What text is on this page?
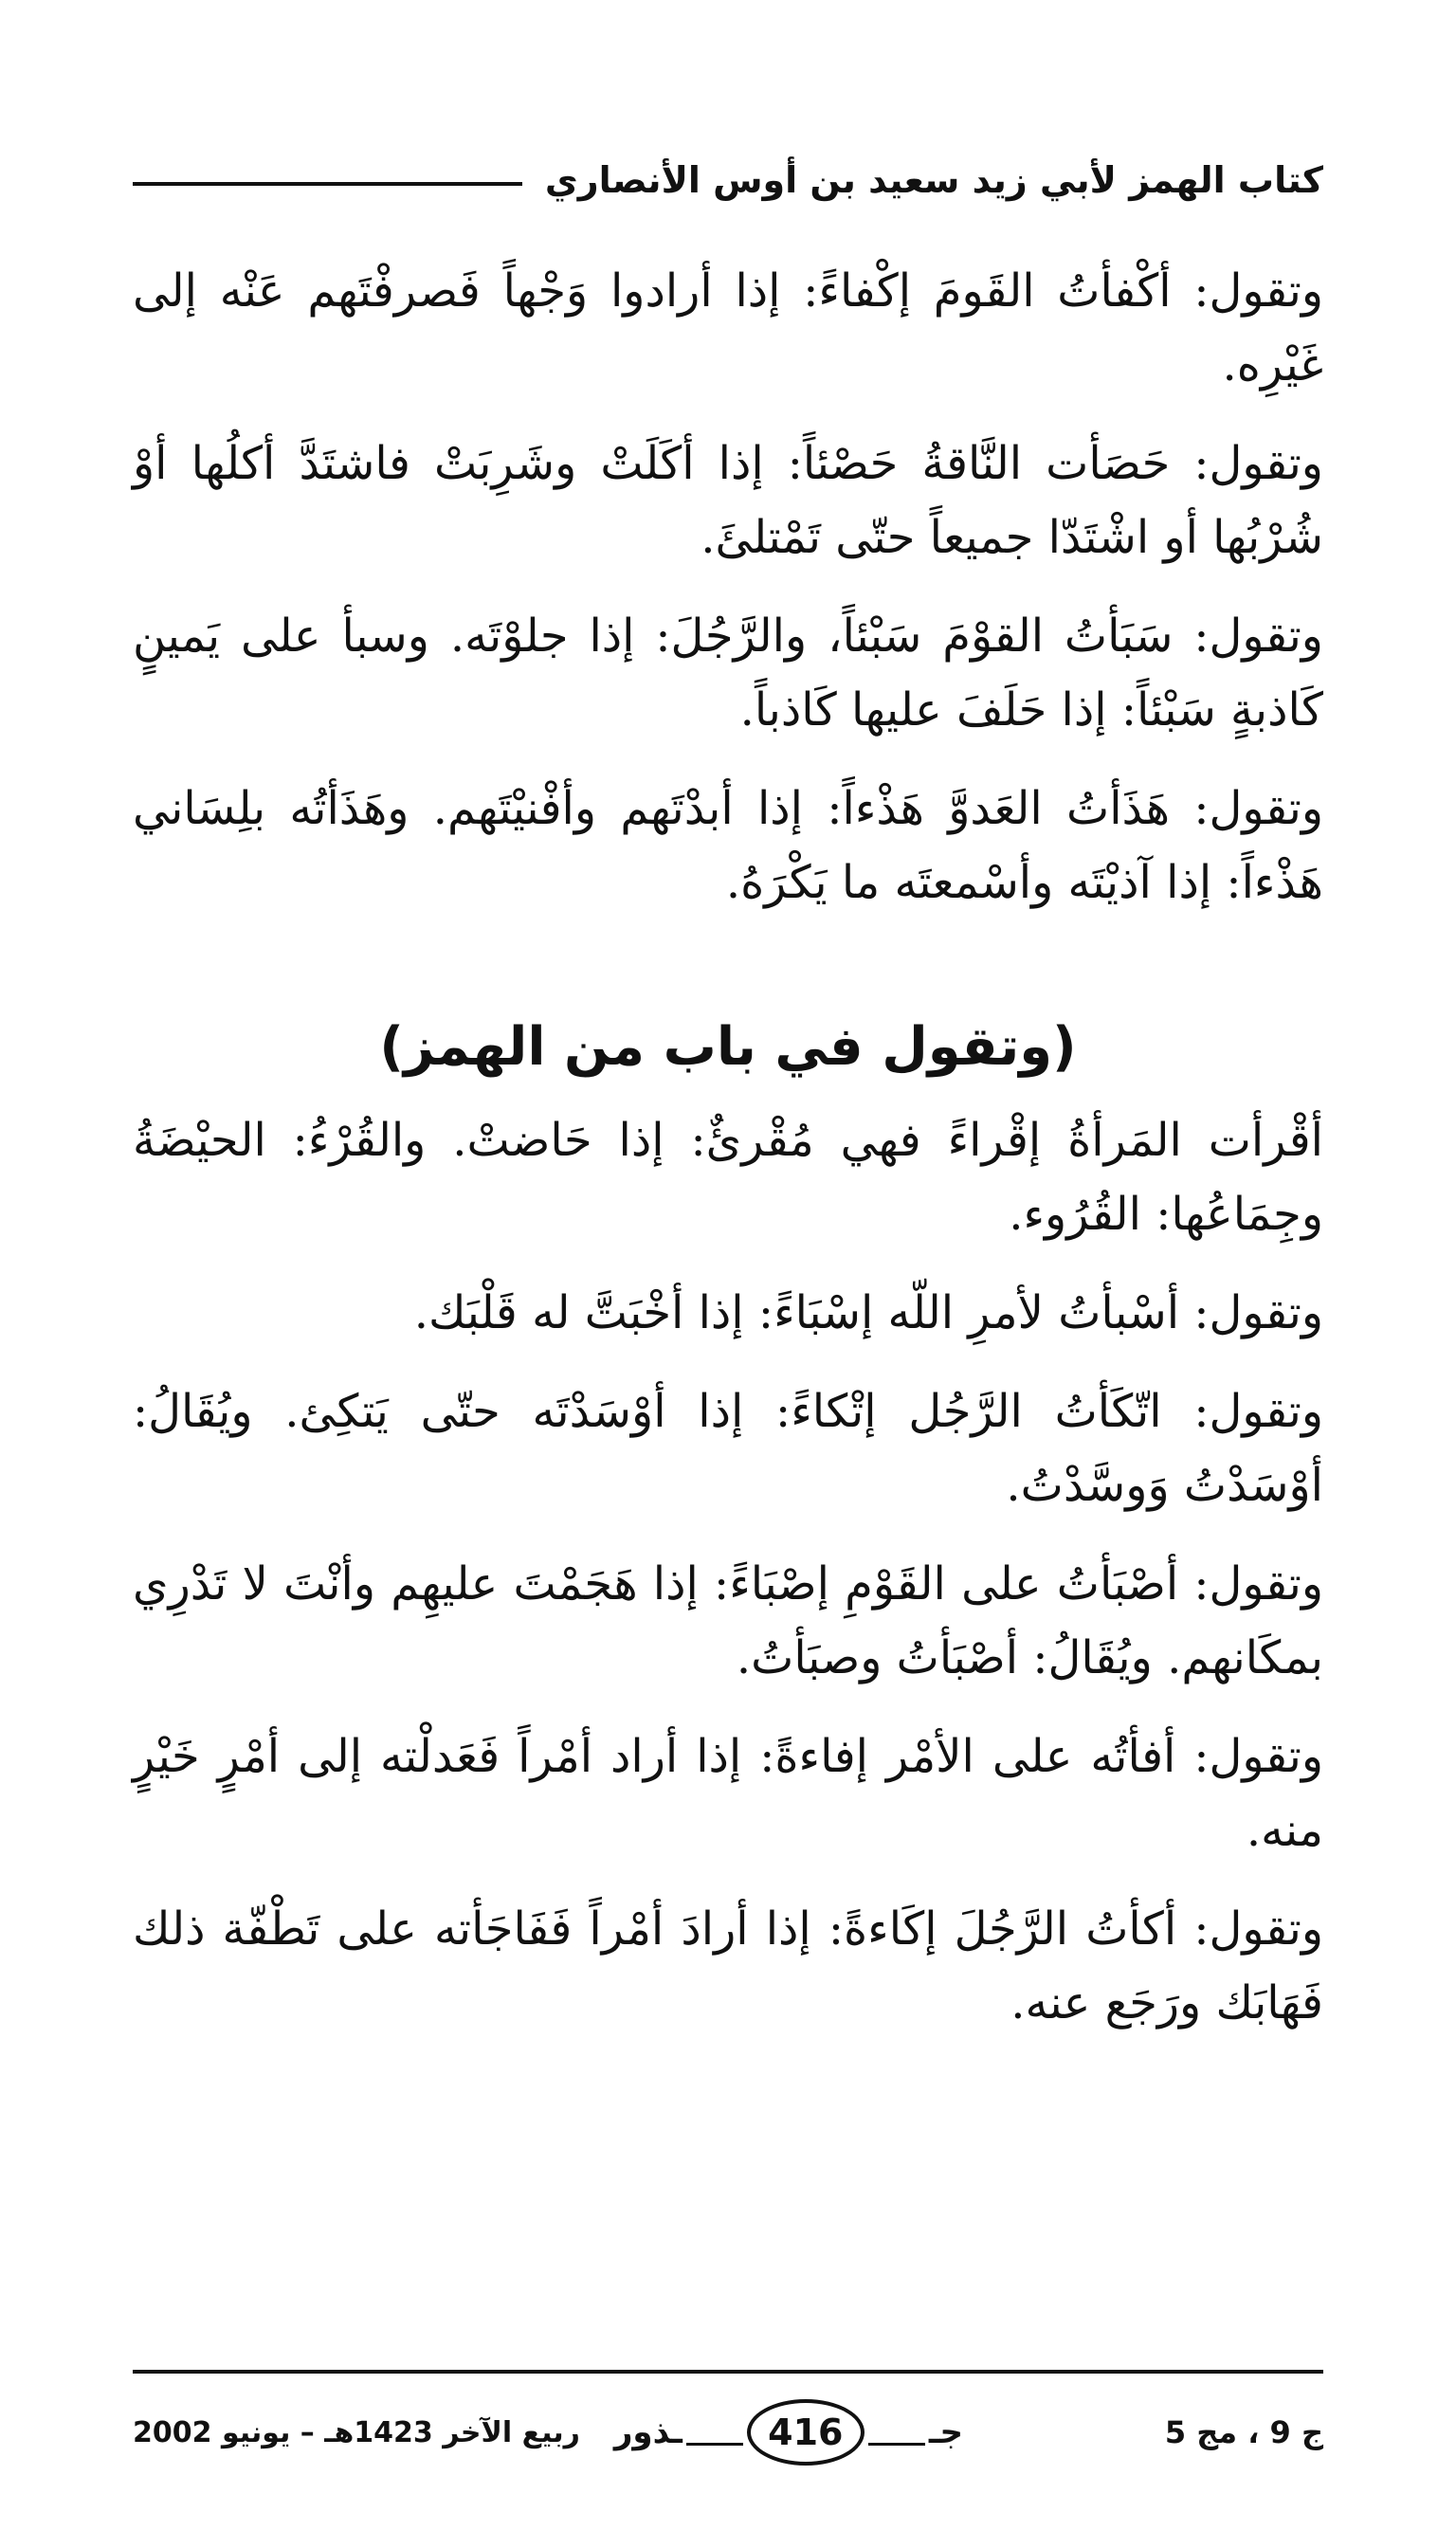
كتاب الهمز لأبي زيد سعيد بن أوس الأنصاري

وتقول: أكْفأتُ القَومَ إكْفاءً: إذا أرادوا وَجْهاً فَصرفْتَهم عَنْه إلى غَيْرِه.

وتقول: حَصَأت النَّاقةُ حَصْئاً: إذا أكَلَتْ وشَرِبَتْ فاشتَدَّ أكلُها أوْ شُرْبُها أو اشْتَدّا جميعاً حتّى تَمْتلئَ.

وتقول: سَبَأتُ القوْمَ سَبْئاً، والرَّجُلَ: إذا جلوْتَه. وسبأ على يَمينٍ كَاذبةٍ سَبْئاً: إذا حَلَفَ عليها كَاذباً.

وتقول: هَذَأتُ العَدوَّ هَذْءاً: إذا أبدْتَهم وأفْنيْتَهم. وهَذَأتُه بلِسَاني هَذْءاً: إذا آذيْتَه وأسْمعتَه ما يَكْرَهُ.

(وتقول في باب من الهمز)

أقْرأت المَرأةُ إقْراءً فهي مُقْرئٌ: إذا حَاضتْ. والقُرْءُ: الحيْضَةُ وجِمَاعُها: القُرُوء.

وتقول: أسْبأتُ لأمرِ اللّه إسْبَاءً: إذا أخْبَتَّ له قَلْبَك.

وتقول: اتّكَأتُ الرَّجُل إتْكاءً: إذا أوْسَدْتَه حتّى يَتكِئ. ويُقَالُ: أوْسَدْتُ وَوسَّدْتُ.

وتقول: أصْبَأتُ على القَوْمِ إصْبَاءً: إذا هَجَمْتَ عليهِم وأنْتَ لا تَدْرِي بمكَانهم. ويُقَالُ: أصْبَأتُ وصبَأتُ.

وتقول: أفأتُه على الأمْر إفاءةً: إذا أراد أمْراً فَعَدلْته إلى أمْرٍ خَيْرٍ منه.

وتقول: أكأتُ الرَّجُلَ إكَاءةً: إذا أرادَ أمْراً فَفَاجَأته على تَطْفّة ذلك فَهَابَك ورَجَع عنه.

ج 9 ، مج 5
جـ
416
ـذور
ربيع الآخر 1423هـ – يونيو 2002
